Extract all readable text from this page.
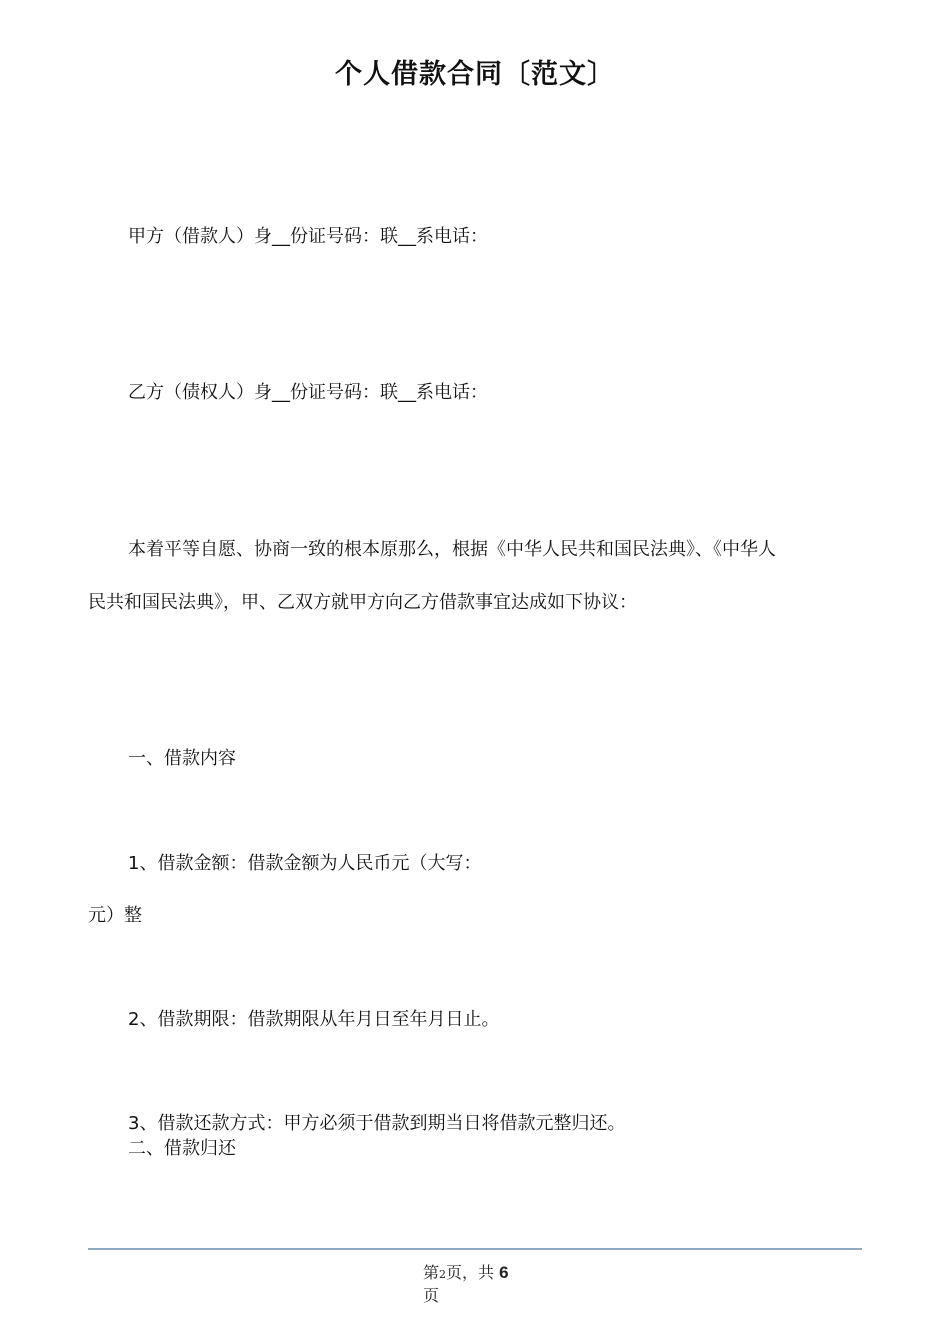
个人借款合同〔范文〕
甲方（借款人）身__份证号码：联__系电话：
乙方（债权人）身__份证号码：联__系电话：
本着平等自愿、协商一致的根本原那么，根据《中华人民共和国民法典》、《中华人
民共和国民法典》，甲、乙双方就甲方向乙方借款事宜达成如下协议：
一、借款内容
1、借款金额：借款金额为人民币元（大写：
元）整
2、借款期限：借款期限从年月日至年月日止。
3、借款还款方式：甲方必须于借款到期当日将借款元整归还。
二、借款归还
第2页，共 6
页
